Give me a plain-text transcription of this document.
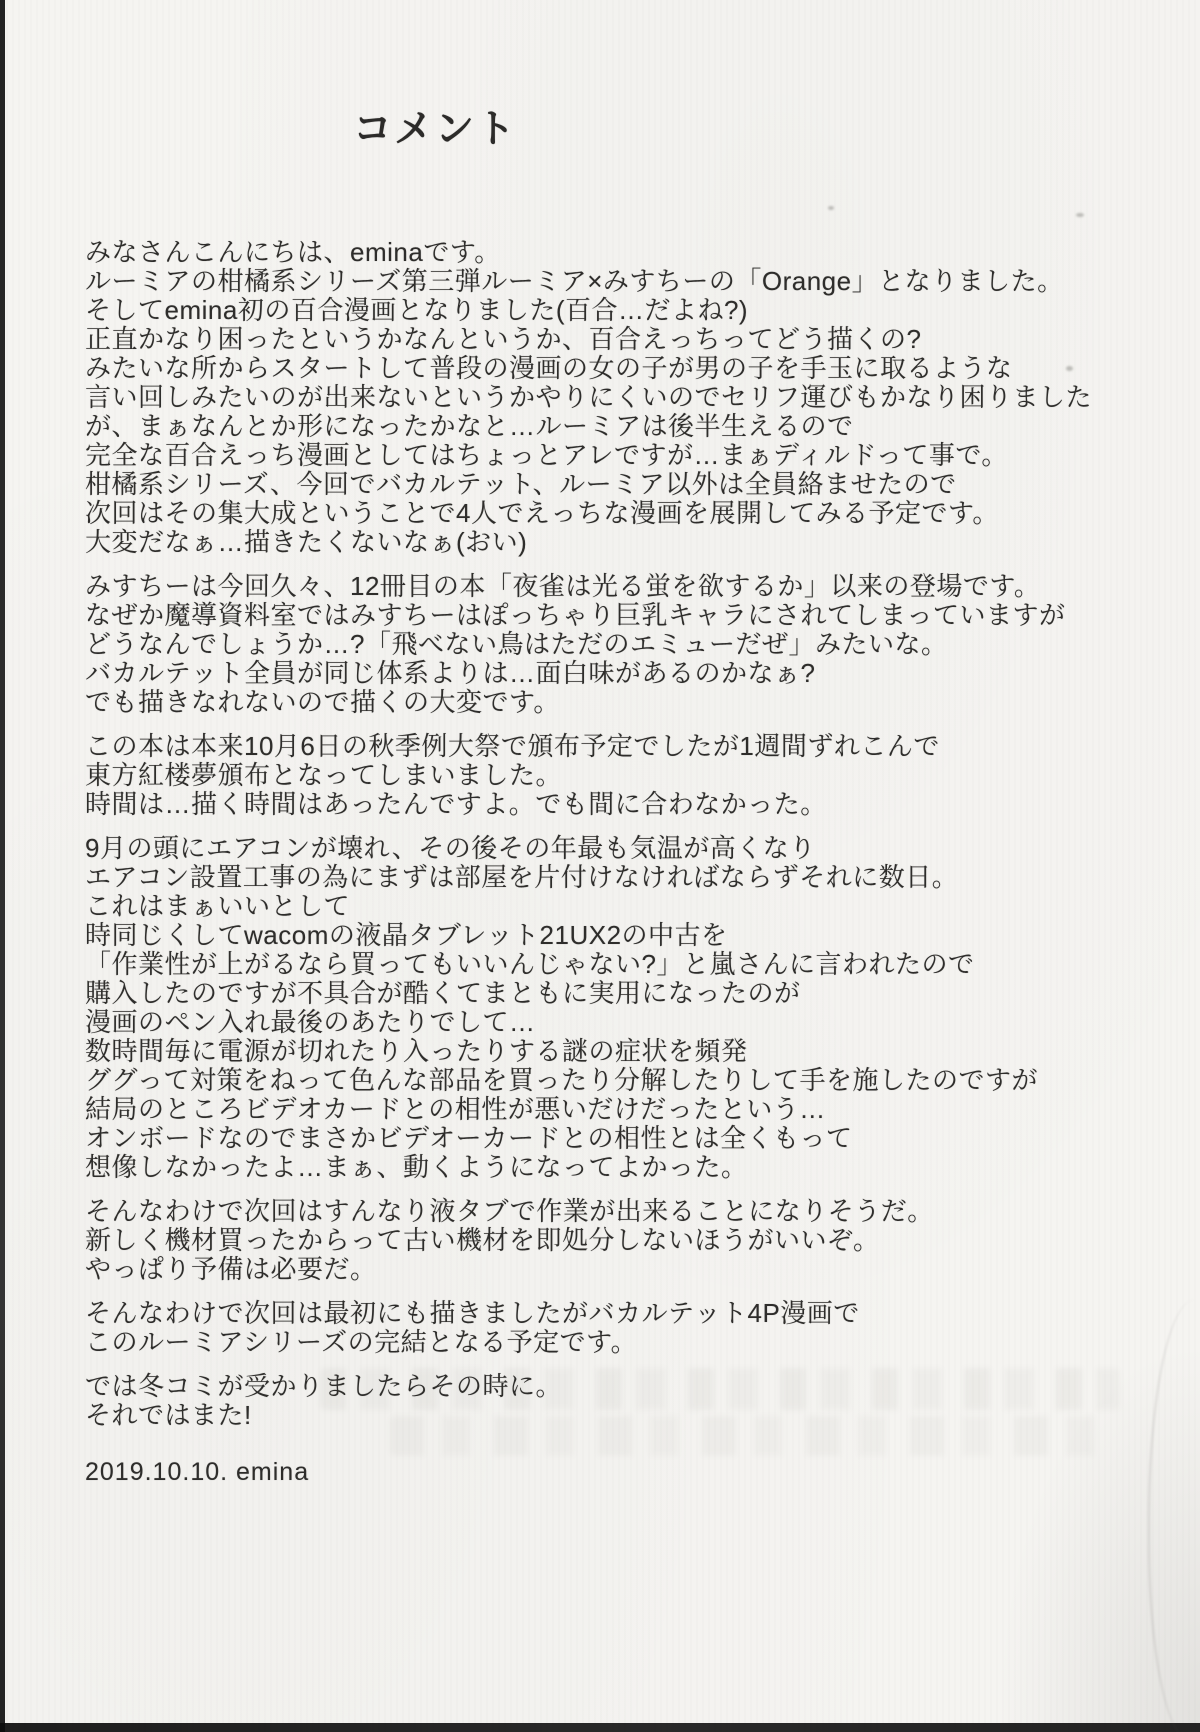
コメント

みなさんこんにちは、eminaです。
ルーミアの柑橘系シリーズ第三弾ルーミア×みすちーの「Orange」となりました。
そしてemina初の百合漫画となりました(百合…だよね?)
正直かなり困ったというかなんというか、百合えっちってどう描くの?
みたいな所からスタートして普段の漫画の女の子が男の子を手玉に取るような
言い回しみたいのが出来ないというかやりにくいのでセリフ運びもかなり困りました
が、まぁなんとか形になったかなと…ルーミアは後半生えるので
完全な百合えっち漫画としてはちょっとアレですが…まぁディルドって事で。
柑橘系シリーズ、今回でバカルテット、ルーミア以外は全員絡ませたので
次回はその集大成ということで4人でえっちな漫画を展開してみる予定です。
大変だなぁ…描きたくないなぁ(おい)

みすちーは今回久々、12冊目の本「夜雀は光る蛍を欲するか」以来の登場です。
なぜか魔導資料室ではみすちーはぽっちゃり巨乳キャラにされてしまっていますが
どうなんでしょうか…?「飛べない鳥はただのエミューだぜ」みたいな。
バカルテット全員が同じ体系よりは…面白味があるのかなぁ?
でも描きなれないので描くの大変です。

この本は本来10月6日の秋季例大祭で頒布予定でしたが1週間ずれこんで
東方紅楼夢頒布となってしまいました。
時間は…描く時間はあったんですよ。でも間に合わなかった。

9月の頭にエアコンが壊れ、その後その年最も気温が高くなり
エアコン設置工事の為にまずは部屋を片付けなければならずそれに数日。
これはまぁいいとして
時同じくしてwacomの液晶タブレット21UX2の中古を
「作業性が上がるなら買ってもいいんじゃない?」と嵐さんに言われたので
購入したのですが不具合が酷くてまともに実用になったのが
漫画のペン入れ最後のあたりでして…
数時間毎に電源が切れたり入ったりする謎の症状を頻発
ググって対策をねって色んな部品を買ったり分解したりして手を施したのですが
結局のところビデオカードとの相性が悪いだけだったという…
オンボードなのでまさかビデオーカードとの相性とは全くもって
想像しなかったよ…まぁ、動くようになってよかった。

そんなわけで次回はすんなり液タブで作業が出来ることになりそうだ。
新しく機材買ったからって古い機材を即処分しないほうがいいぞ。
やっぱり予備は必要だ。

そんなわけで次回は最初にも描きましたがバカルテット4P漫画で
このルーミアシリーズの完結となる予定です。

では冬コミが受かりましたらその時に。
それではまた!

2019.10.10. emina
